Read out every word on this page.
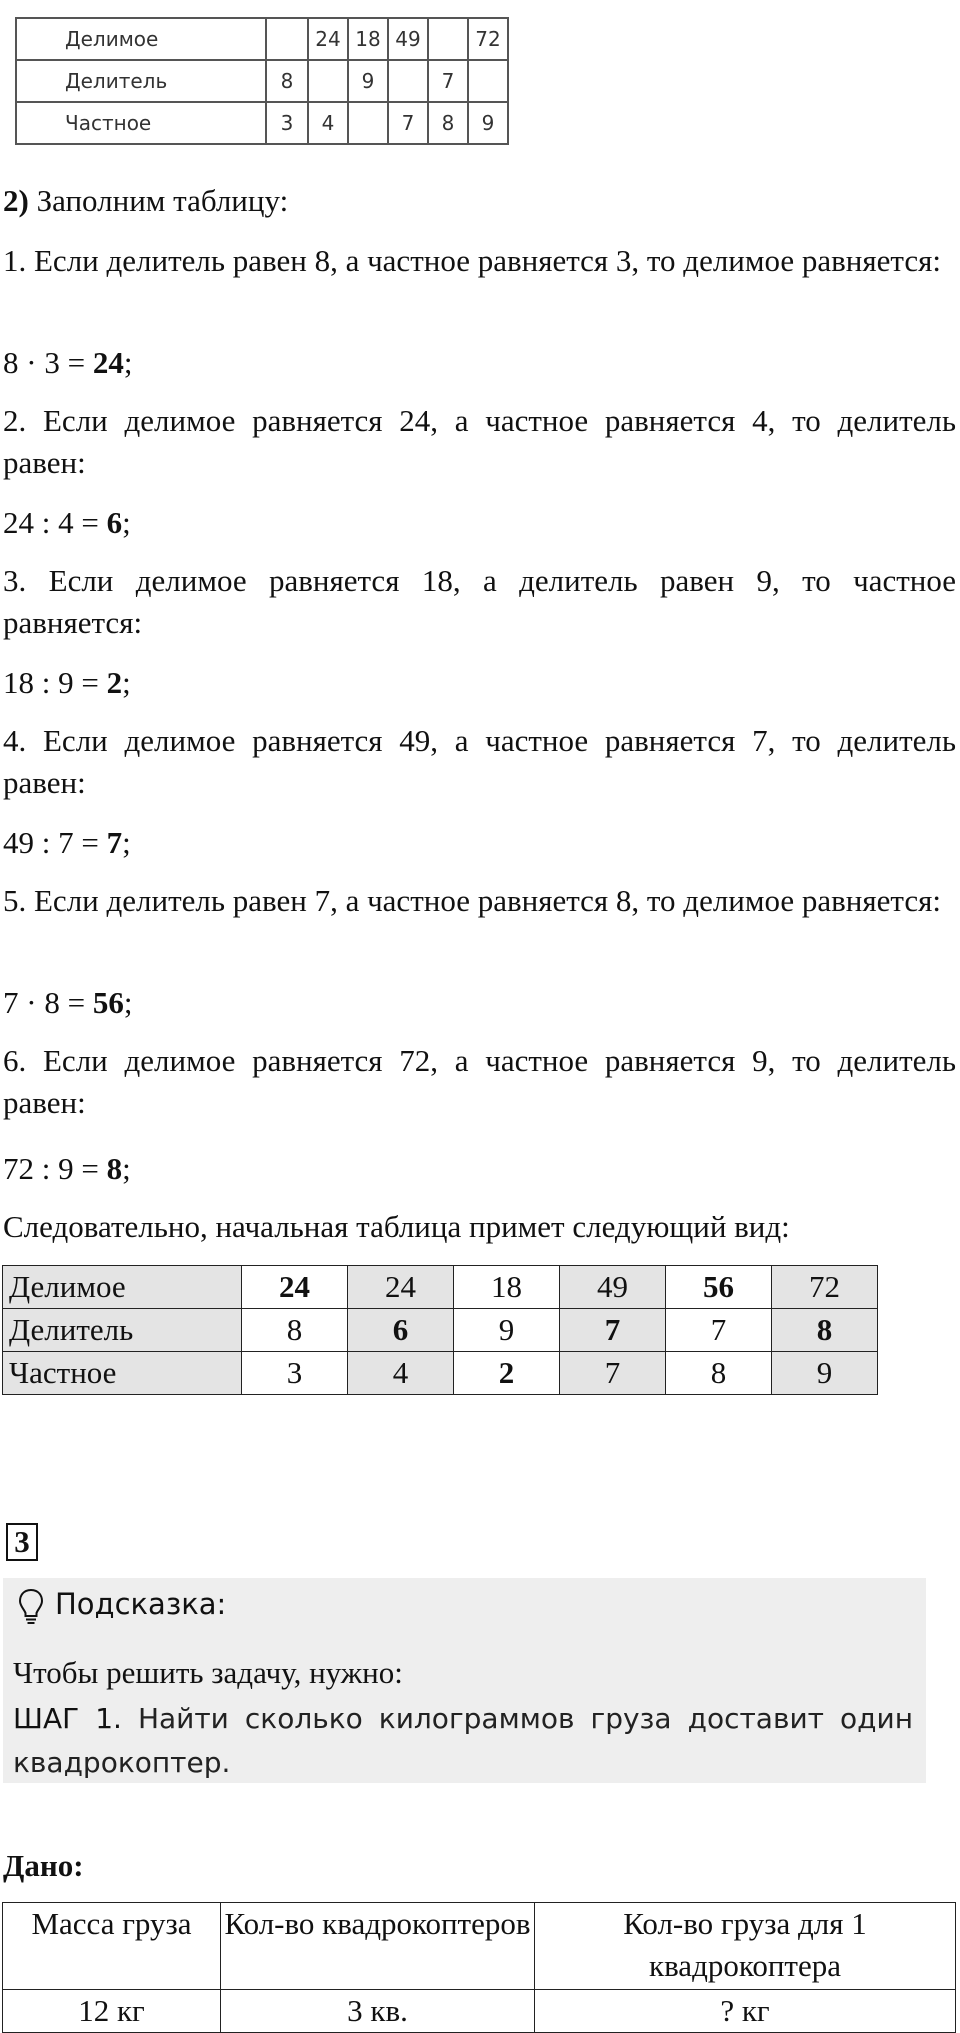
Делимое		24	18	49		72
Делитель	8		9		7	
Частное	3	4		7	8	9
2) Заполним таблицу:
1. Если делитель равен 8, а частное равняется 3, то делимое равняется:
8 · 3 = 24;
2. Если делимое равняется 24, а частное равняется 4, то делитель равен:
24 : 4 = 6;
3. Если делимое равняется 18, а делитель равен 9, то частное равняется:
18 : 9 = 2;
4. Если делимое равняется 49, а частное равняется 7, то делитель равен:
49 : 7 = 7;
5. Если делитель равен 7, а частное равняется 8, то делимое равняется:
7 · 8 = 56;
6. Если делимое равняется 72, а частное равняется 9, то делитель равен:
72 : 9 = 8;
Следовательно, начальная таблица примет следующий вид:
Делимое	24	24	18	49	56	72
Делитель	8	6	9	7	7	8
Частное	3	4	2	7	8	9
3
Подсказка:
Чтобы решить задачу, нужно:
ШАГ 1. Найти сколько килограммов груза доставит один квадрокоптер.
Дано:
Масса груза	Кол-во квадрокоптеров	Кол-во груза для 1 квадрокоптера
12 кг	3 кв.	? кг
